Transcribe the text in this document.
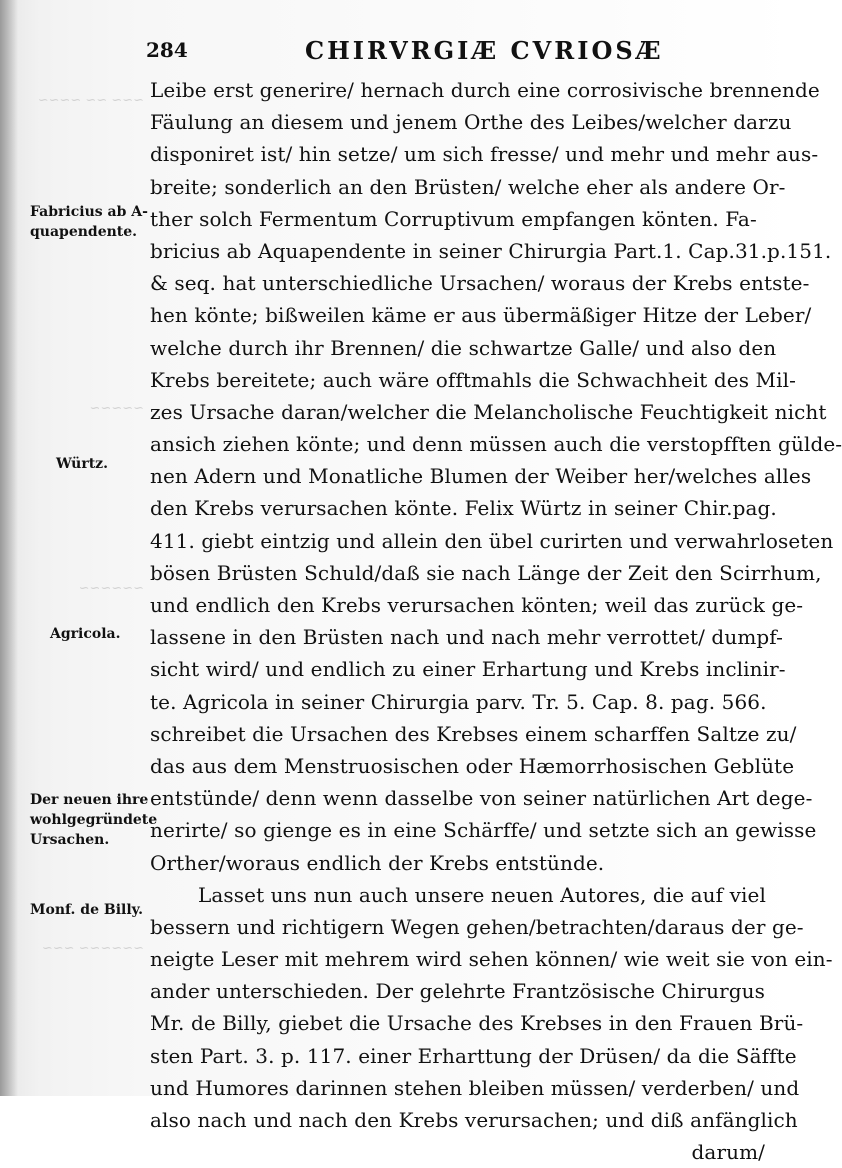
~~~ ~~ ~~~~
~~~~~
~~~~~~
~~~~~~ ~~~
284	CHIRVRGIÆ CVRIOSÆ
Fabricius ab A-
quapendente.
Würtz.
Agricola.
Der neuen ihre
wohlgegründete
Ursachen.
Monf. de Billy.
Leibe erst generire/ hernach durch eine corrosivische brennende
Fäulung an diesem und jenem Orthe des Leibes/welcher darzu
disponiret ist/ hin setze/ um sich fresse/ und mehr und mehr aus-
breite; sonderlich an den Brüsten/ welche eher als andere Or-
ther solch Fermentum Corruptivum empfangen könten. Fa-
bricius ab Aquapendente in seiner Chirurgia Part.1. Cap.31.p.151.
& seq. hat unterschiedliche Ursachen/ woraus der Krebs entste-
hen könte; bißweilen käme er aus übermäßiger Hitze der Leber/
welche durch ihr Brennen/ die schwartze Galle/ und also den
Krebs bereitete; auch wäre offtmahls die Schwachheit des Mil-
zes Ursache daran/welcher die Melancholische Feuchtigkeit nicht
ansich ziehen könte; und denn müssen auch die verstopfften gülde-
nen Adern und Monatliche Blumen der Weiber her/welches alles
den Krebs verursachen könte. Felix Würtz in seiner Chir.pag.
411. giebt eintzig und allein den übel curirten und verwahrloseten
bösen Brüsten Schuld/daß sie nach Länge der Zeit den Scirrhum,
und endlich den Krebs verursachen könten; weil das zurück ge-
lassene in den Brüsten nach und nach mehr verrottet/ dumpf-
sicht wird/ und endlich zu einer Erhartung und Krebs inclinir-
te. Agricola in seiner Chirurgia parv. Tr. 5. Cap. 8. pag. 566.
schreibet die Ursachen des Krebses einem scharffen Saltze zu/
das aus dem Menstruosischen oder Hæmorrhosischen Geblüte
entstünde/ denn wenn dasselbe von seiner natürlichen Art dege-
nerirte/ so gienge es in eine Schärffe/ und setzte sich an gewisse
Orther/woraus endlich der Krebs entstünde.
Lasset uns nun auch unsere neuen Autores, die auf viel
bessern und richtigern Wegen gehen/betrachten/daraus der ge-
neigte Leser mit mehrem wird sehen können/ wie weit sie von ein-
ander unterschieden. Der gelehrte Frantzösische Chirurgus
Mr. de Billy, giebet die Ursache des Krebses in den Frauen Brü-
sten Part. 3. p. 117. einer Erharttung der Drüsen/ da die Säffte
und Humores darinnen stehen bleiben müssen/ verderben/ und
also nach und nach den Krebs verursachen; und diß anfänglich
darum/
